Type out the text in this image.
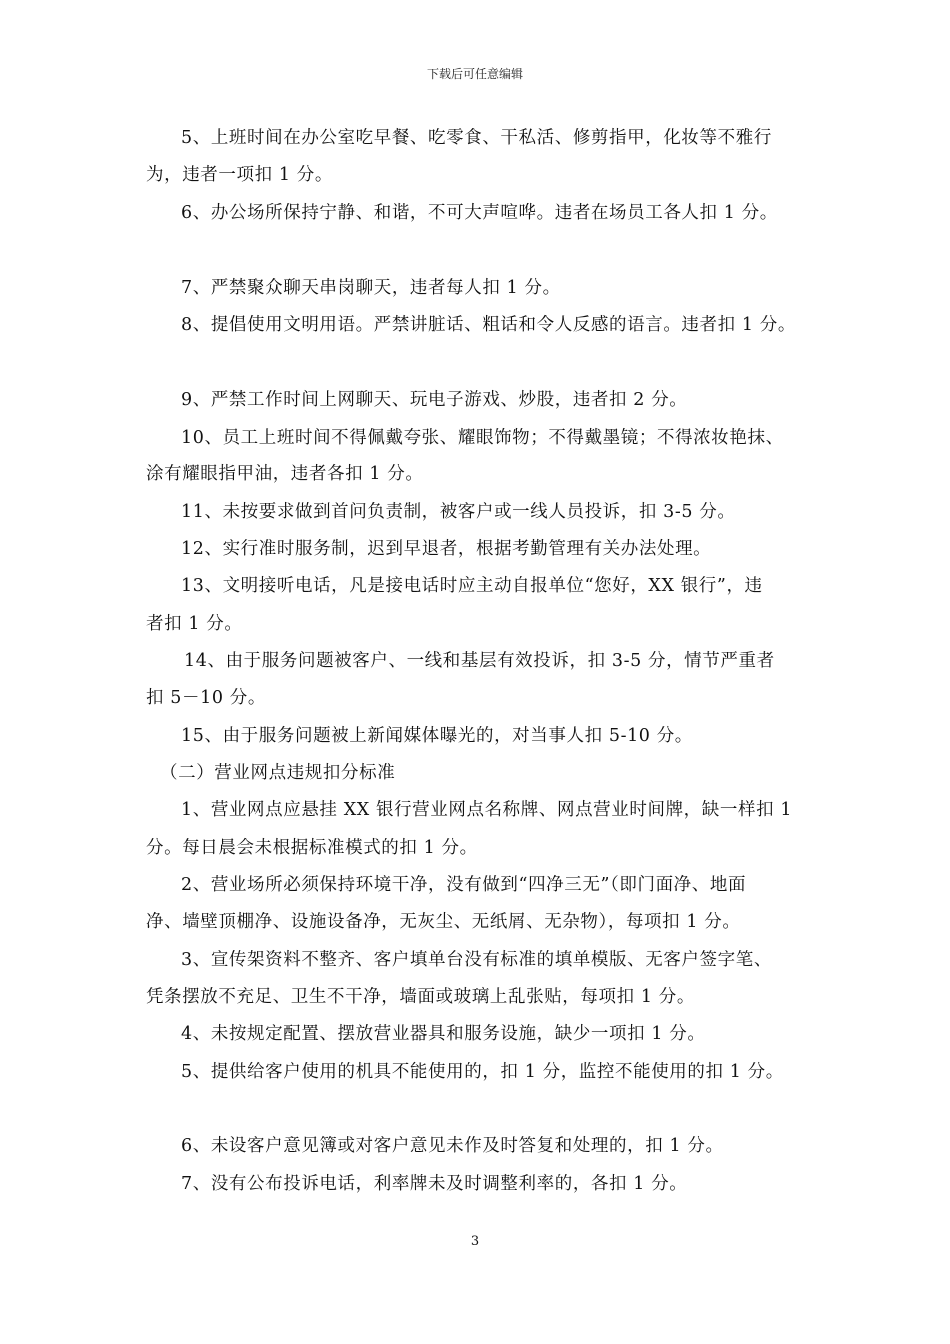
下载后可任意编辑
5、上班时间在办公室吃早餐、吃零食、干私活、修剪指甲，化妆等不雅行
为，违者一项扣 1 分。
6、办公场所保持宁静、和谐，不可大声喧哗。违者在场员工各人扣 1 分。
7、严禁聚众聊天串岗聊天，违者每人扣 1 分。
8、提倡使用文明用语。严禁讲脏话、粗话和令人反感的语言。违者扣 1 分。
9、严禁工作时间上网聊天、玩电子游戏、炒股，违者扣 2 分。
10、员工上班时间不得佩戴夸张、耀眼饰物；不得戴墨镜；不得浓妆艳抹、
涂有耀眼指甲油，违者各扣 1 分。
11、未按要求做到首问负责制，被客户或一线人员投诉，扣 3-5 分。
12、实行准时服务制，迟到早退者，根据考勤管理有关办法处理。
13、文明接听电话，凡是接电话时应主动自报单位“您好，XX 银行”，违
者扣 1 分。
14、由于服务问题被客户、一线和基层有效投诉，扣 3-5 分，情节严重者
扣 5－10 分。
15、由于服务问题被上新闻媒体曝光的，对当事人扣 5-10 分。
（二）营业网点违规扣分标准
1、营业网点应悬挂 XX 银行营业网点名称牌、网点营业时间牌，缺一样扣 1
分。每日晨会未根据标准模式的扣 1 分。
2、营业场所必须保持环境干净，没有做到“四净三无”（即门面净、地面
净、墙壁顶棚净、设施设备净，无灰尘、无纸屑、无杂物），每项扣 1 分。
3、宣传架资料不整齐、客户填单台没有标准的填单模版、无客户签字笔、
凭条摆放不充足、卫生不干净，墙面或玻璃上乱张贴，每项扣 1 分。
4、未按规定配置、摆放营业器具和服务设施，缺少一项扣 1 分。
5、提供给客户使用的机具不能使用的，扣 1 分，监控不能使用的扣 1 分。
6、未设客户意见簿或对客户意见未作及时答复和处理的，扣 1 分。
7、没有公布投诉电话，利率牌未及时调整利率的，各扣 1 分。
3
